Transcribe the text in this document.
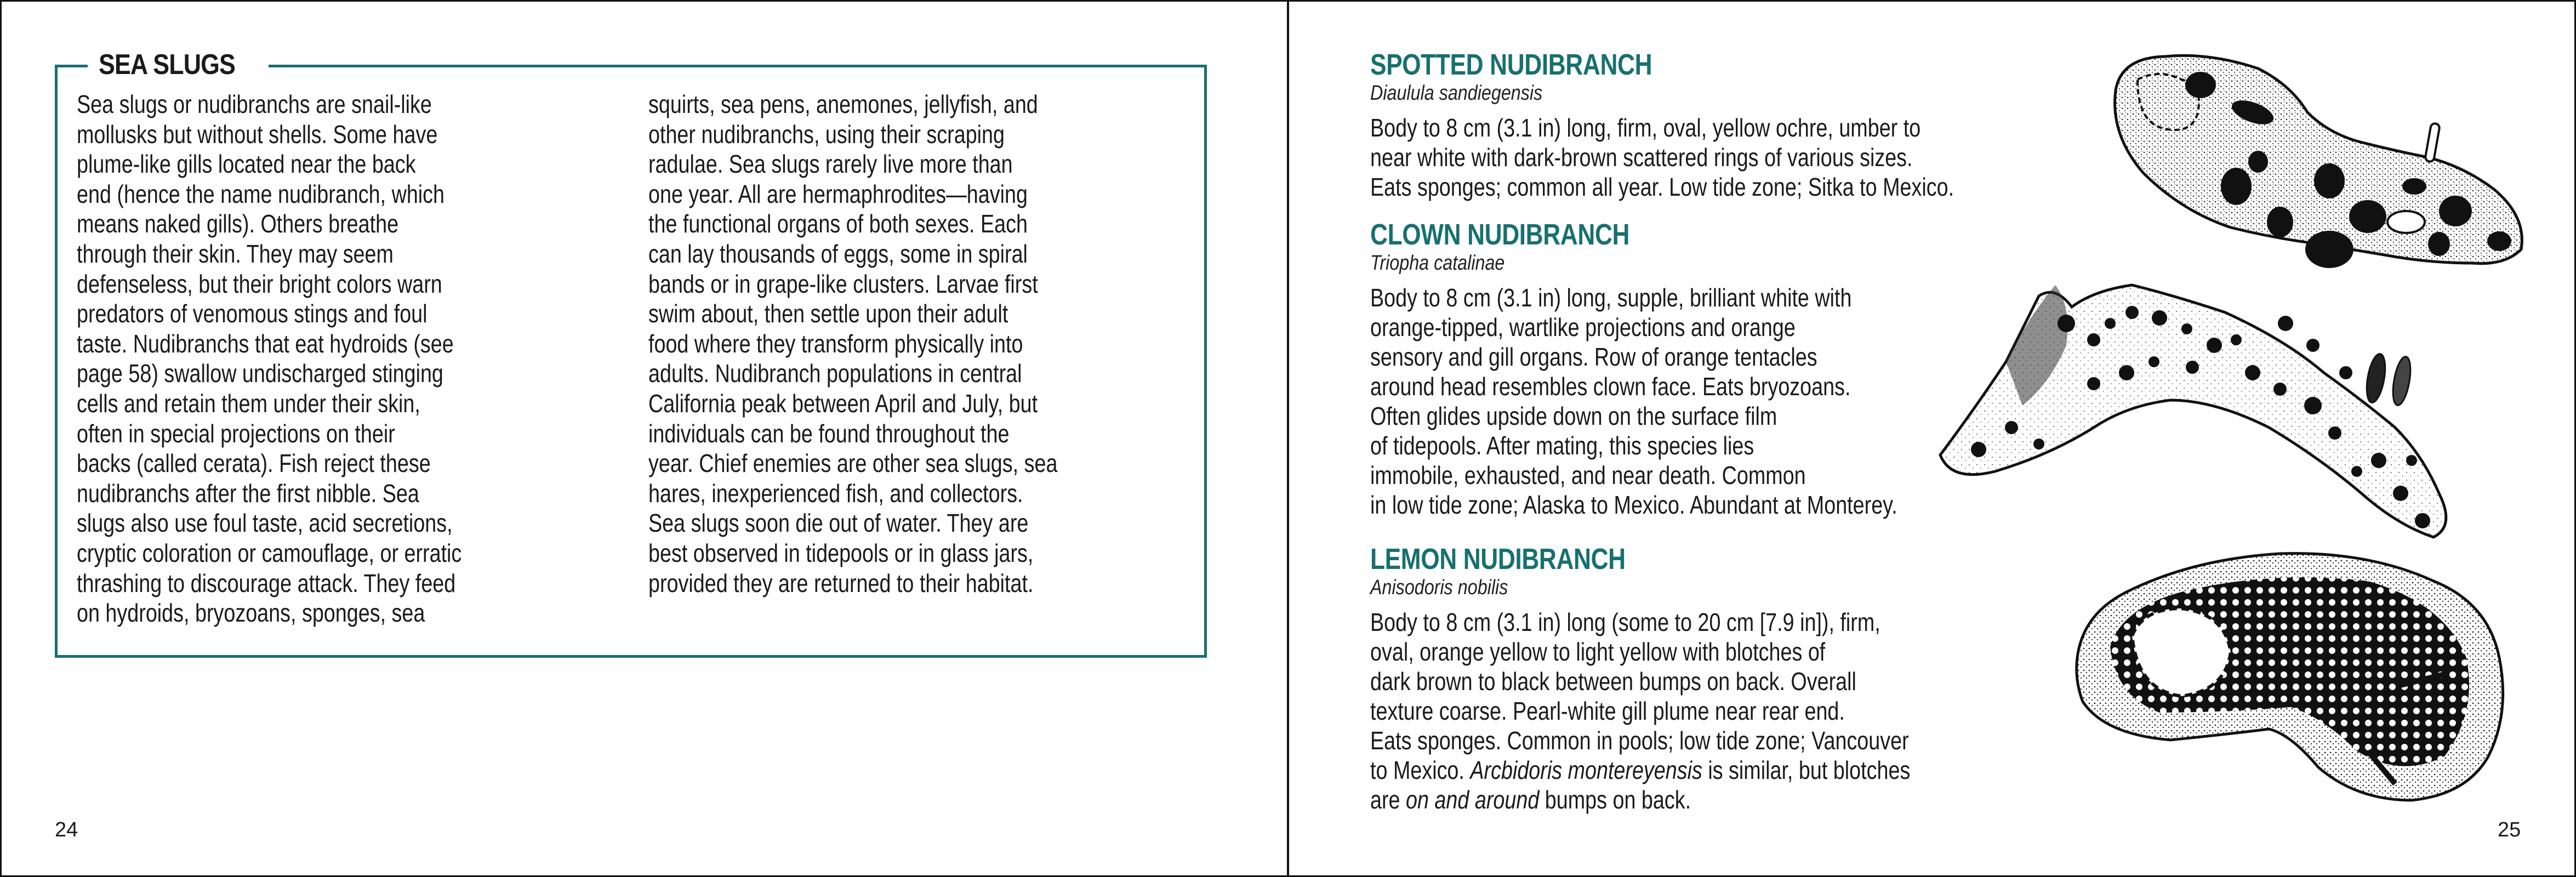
SEA SLUGS
Sea slugs or nudibranchs are snail-like
mollusks but without shells. Some have
plume-like gills located near the back
end (hence the name nudibranch, which
means naked gills). Others breathe
through their skin. They may seem
defenseless, but their bright colors warn
predators of venomous stings and foul
taste. Nudibranchs that eat hydroids (see
page 58) swallow undischarged stinging
cells and retain them under their skin,
often in special projections on their
backs (called cerata). Fish reject these
nudibranchs after the first nibble. Sea
slugs also use foul taste, acid secretions,
cryptic coloration or camouflage, or erratic
thrashing to discourage attack. They feed
on hydroids, bryozoans, sponges, sea
squirts, sea pens, anemones, jellyfish, and
other nudibranchs, using their scraping
radulae. Sea slugs rarely live more than
one year. All are hermaphrodites—having
the functional organs of both sexes. Each
can lay thousands of eggs, some in spiral
bands or in grape-like clusters. Larvae first
swim about, then settle upon their adult
food where they transform physically into
adults. Nudibranch populations in central
California peak between April and July, but
individuals can be found throughout the
year. Chief enemies are other sea slugs, sea
hares, inexperienced fish, and collectors.
Sea slugs soon die out of water. They are
best observed in tidepools or in glass jars,
provided they are returned to their habitat.
24
SPOTTED NUDIBRANCH
Diaulula sandiegensis
Body to 8 cm (3.1 in) long, firm, oval, yellow ochre, umber to
near white with dark-brown scattered rings of various sizes.
Eats sponges; common all year. Low tide zone; Sitka to Mexico.
CLOWN NUDIBRANCH
Triopha catalinae
Body to 8 cm (3.1 in) long, supple, brilliant white with
orange-tipped, wartlike projections and orange
sensory and gill organs. Row of orange tentacles
around head resembles clown face. Eats bryozoans.
Often glides upside down on the surface film
of tidepools. After mating, this species lies
immobile, exhausted, and near death. Common
in low tide zone; Alaska to Mexico. Abundant at Monterey.
LEMON NUDIBRANCH
Anisodoris nobilis
Body to 8 cm (3.1 in) long (some to 20 cm [7.9 in]), firm,
oval, orange yellow to light yellow with blotches of
dark brown to black between bumps on back. Overall
texture coarse. Pearl-white gill plume near rear end.
Eats sponges. Common in pools; low tide zone; Vancouver
to Mexico. Arcbidoris montereyensis is similar, but blotches
are on and around bumps on back.
25
